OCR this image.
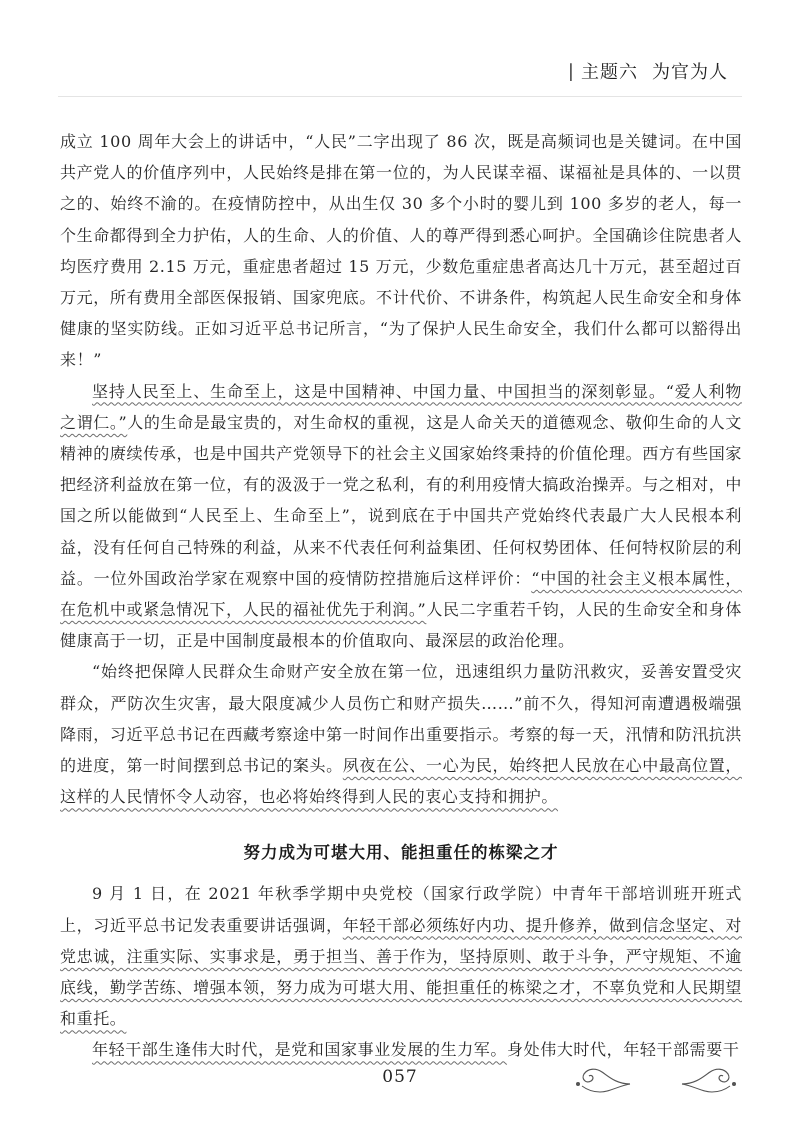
| 主题六 为官为人

成立 100 周年大会上的讲话中，“人民”二字出现了 86 次，既是高频词也是关键词。在中国共产党人的价值序列中，人民始终是排在第一位的，为人民谋幸福、谋福祉是具体的、一以贯之的、始终不渝的。在疫情防控中，从出生仅 30 多个小时的婴儿到 100 多岁的老人，每一个生命都得到全力护佑，人的生命、人的价值、人的尊严得到悉心呵护。全国确诊住院患者人均医疗费用 2.15 万元，重症患者超过 15 万元，少数危重症患者高达几十万元，甚至超过百万元，所有费用全部医保报销、国家兜底。不计代价、不讲条件，构筑起人民生命安全和身体健康的坚实防线。正如习近平总书记所言，“为了保护人民生命安全，我们什么都可以豁得出来！”

坚持人民至上、生命至上，这是中国精神、中国力量、中国担当的深刻彰显。“爱人利物之谓仁。”人的生命是最宝贵的，对生命权的重视，这是人命关天的道德观念、敬仰生命的人文精神的赓续传承，也是中国共产党领导下的社会主义国家始终秉持的价值伦理。西方有些国家把经济利益放在第一位，有的汲汲于一党之私利，有的利用疫情大搞政治操弄。与之相对，中国之所以能做到“人民至上、生命至上”，说到底在于中国共产党始终代表最广大人民根本利益，没有任何自己特殊的利益，从来不代表任何利益集团、任何权势团体、任何特权阶层的利益。一位外国政治学家在观察中国的疫情防控措施后这样评价：“中国的社会主义根本属性，在危机中或紧急情况下，人民的福祉优先于利润。”人民二字重若千钧，人民的生命安全和身体健康高于一切，正是中国制度最根本的价值取向、最深层的政治伦理。

“始终把保障人民群众生命财产安全放在第一位，迅速组织力量防汛救灾，妥善安置受灾群众，严防次生灾害，最大限度减少人员伤亡和财产损失……”前不久，得知河南遭遇极端强降雨，习近平总书记在西藏考察途中第一时间作出重要指示。考察的每一天，汛情和防汛抗洪的进度，第一时间摆到总书记的案头。夙夜在公、一心为民，始终把人民放在心中最高位置，这样的人民情怀令人动容，也必将始终得到人民的衷心支持和拥护。

努力成为可堪大用、能担重任的栋梁之才

9 月 1 日，在 2021 年秋季学期中央党校（国家行政学院）中青年干部培训班开班式上，习近平总书记发表重要讲话强调，年轻干部必须练好内功、提升修养，做到信念坚定、对党忠诚，注重实际、实事求是，勇于担当、善于作为，坚持原则、敢于斗争，严守规矩、不逾底线，勤学苦练、增强本领，努力成为可堪大用、能担重任的栋梁之才，不辜负党和人民期望和重托。

年轻干部生逢伟大时代，是党和国家事业发展的生力军。身处伟大时代，年轻干部需要干

057
